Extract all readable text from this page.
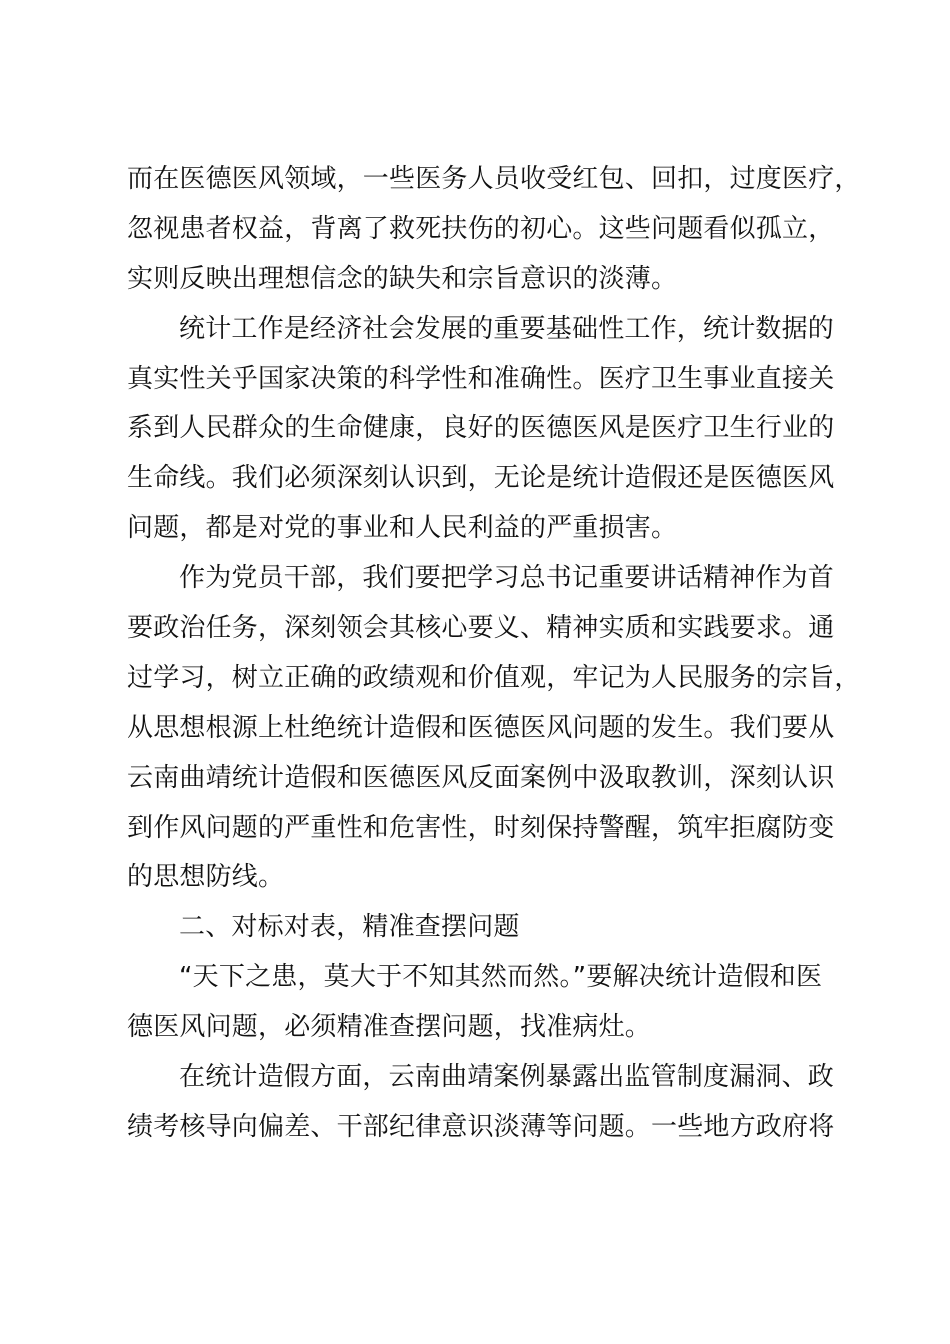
而在医德医风领域，一些医务人员收受红包、回扣，过度医疗，
忽视患者权益，背离了救死扶伤的初心。这些问题看似孤立，
实则反映出理想信念的缺失和宗旨意识的淡薄。
统计工作是经济社会发展的重要基础性工作，统计数据的
真实性关乎国家决策的科学性和准确性。医疗卫生事业直接关
系到人民群众的生命健康，良好的医德医风是医疗卫生行业的
生命线。我们必须深刻认识到，无论是统计造假还是医德医风
问题，都是对党的事业和人民利益的严重损害。
作为党员干部，我们要把学习总书记重要讲话精神作为首
要政治任务，深刻领会其核心要义、精神实质和实践要求。通
过学习，树立正确的政绩观和价值观，牢记为人民服务的宗旨，
从思想根源上杜绝统计造假和医德医风问题的发生。我们要从
云南曲靖统计造假和医德医风反面案例中汲取教训，深刻认识
到作风问题的严重性和危害性，时刻保持警醒，筑牢拒腐防变
的思想防线。
二、对标对表，精准查摆问题
“天下之患，莫大于不知其然而然。”要解决统计造假和医
德医风问题，必须精准查摆问题，找准病灶。
在统计造假方面，云南曲靖案例暴露出监管制度漏洞、政
绩考核导向偏差、干部纪律意识淡薄等问题。一些地方政府将
